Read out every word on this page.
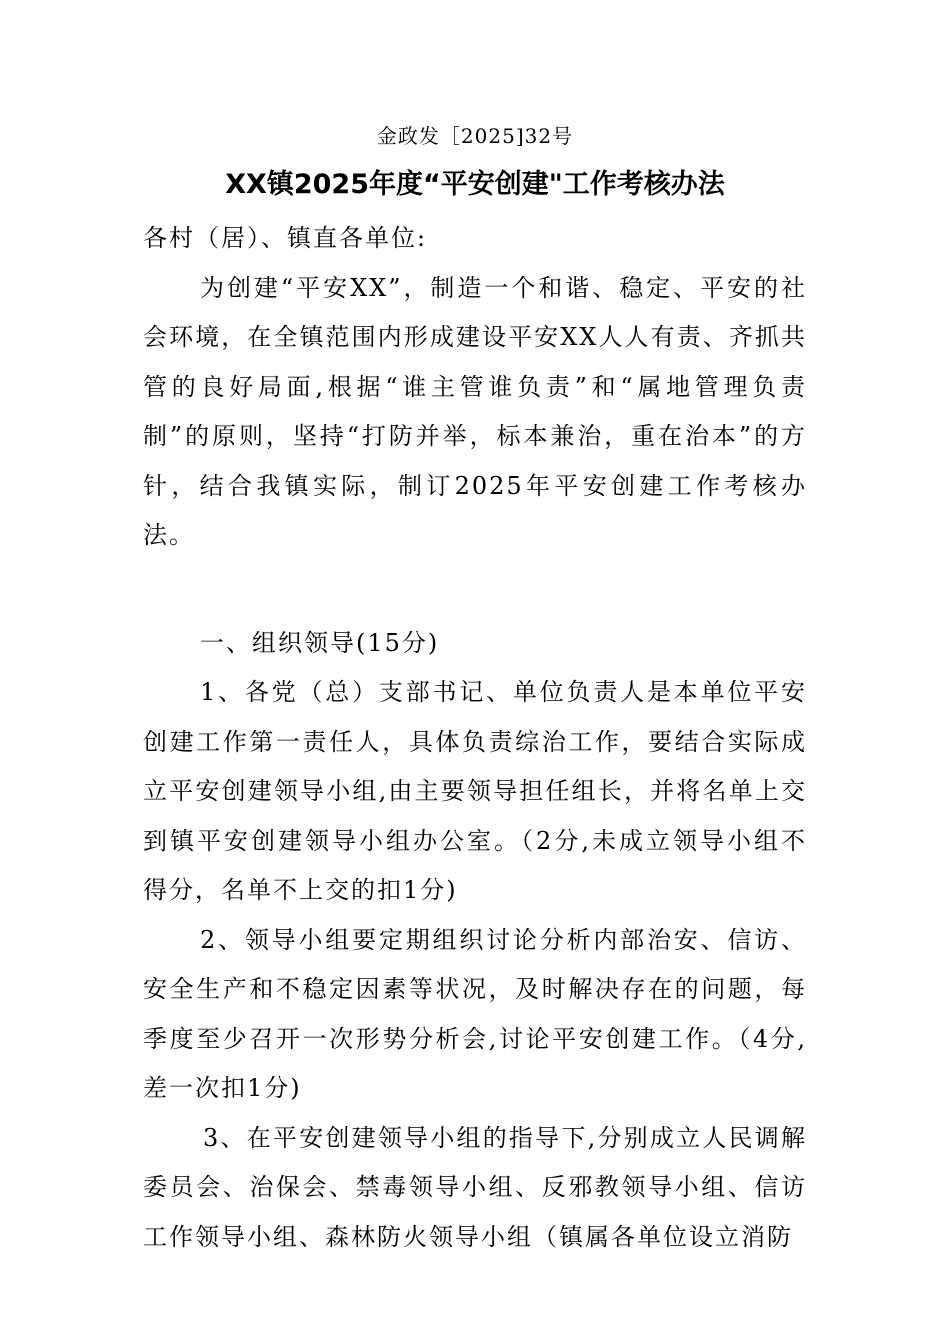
金政发［2025]32号
XX镇2025年度“平安创建"工作考核办法

各村（居）、镇直各单位:

为创建“平安XX”，制造一个和谐、稳定、平安的社会环境，在全镇范围内形成建设平安XX人人有责、齐抓共管的良好局面,根据“谁主管谁负责”和“属地管理负责制”的原则，坚持“打防并举，标本兼治，重在治本”的方针，结合我镇实际，制订2025年平安创建工作考核办法。

一、组织领导(15分)

1、各党（总）支部书记、单位负责人是本单位平安创建工作第一责任人，具体负责综治工作，要结合实际成立平安创建领导小组,由主要领导担任组长，并将名单上交到镇平安创建领导小组办公室。（2分,未成立领导小组不得分，名单不上交的扣1分)

2、领导小组要定期组织讨论分析内部治安、信访、安全生产和不稳定因素等状况，及时解决存在的问题，每季度至少召开一次形势分析会,讨论平安创建工作。（4分,差一次扣1分)

3、在平安创建领导小组的指导下,分别成立人民调解委员会、治保会、禁毒领导小组、反邪教领导小组、信访工作领导小组、森林防火领导小组（镇属各单位设立消防
